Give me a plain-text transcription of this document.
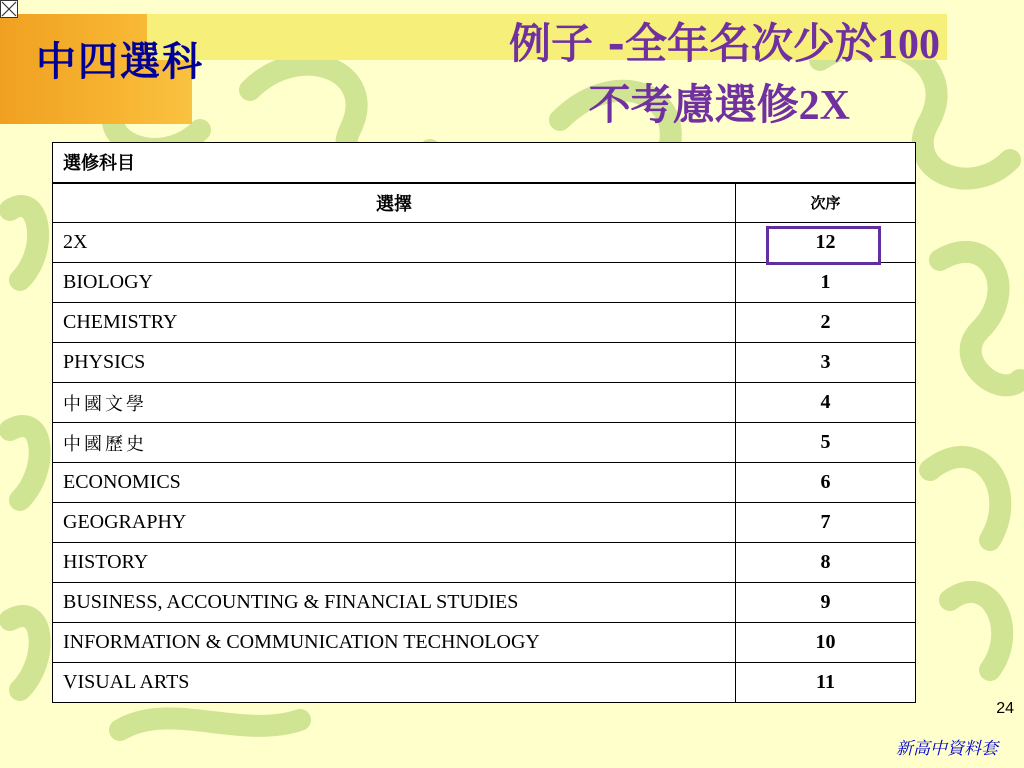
中四選科	例子 -全年名次少於100
不考慮選修2X
選修科目	
選擇	次序
2X	12

BIOLOGY	1
CHEMISTRY	2
PHYSICS	3
中國文學	4
中國歷史	5
ECONOMICS	6
GEOGRAPHY	7
HISTORY	8
BUSINESS, ACCOUNTING & FINANCIAL STUDIES	9
INFORMATION & COMMUNICATION TECHNOLOGY	10
VISUAL ARTS	11
24
新高中資料套
